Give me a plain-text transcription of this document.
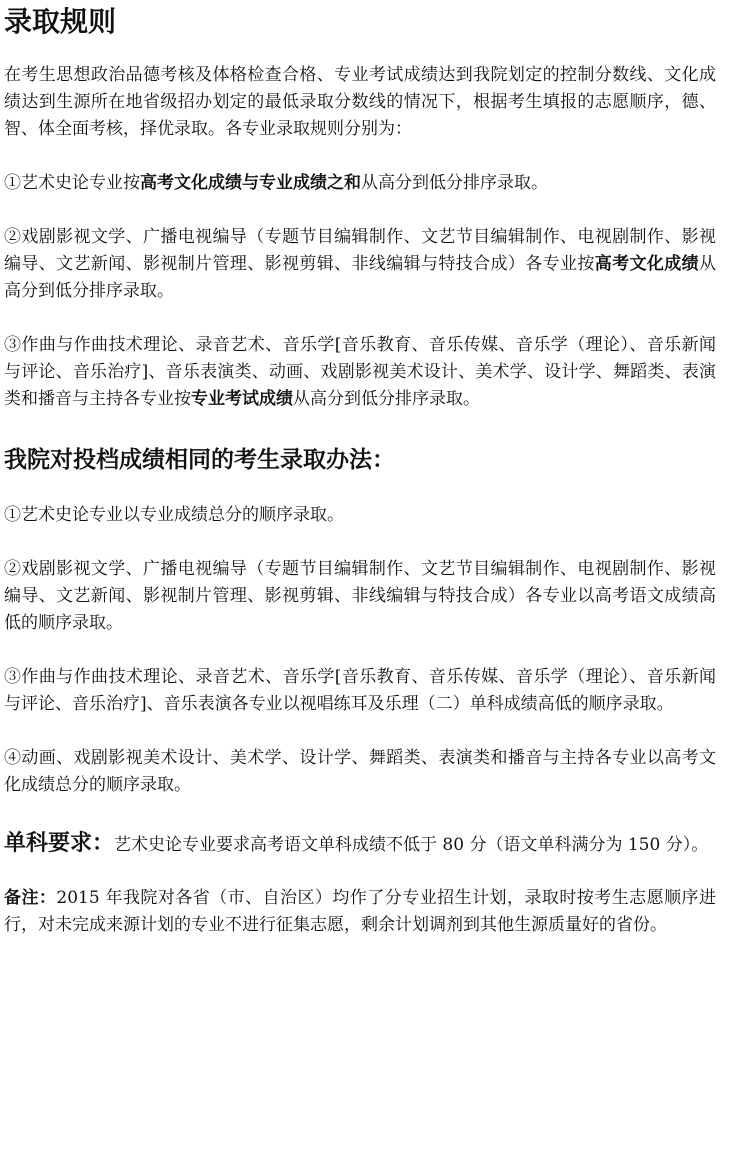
录取规则

在考生思想政治品德考核及体格检查合格、专业考试成绩达到我院划定的控制分数线、文化成绩达到生源所在地省级招办划定的最低录取分数线的情况下，根据考生填报的志愿顺序，德、智、体全面考核，择优录取。各专业录取规则分别为：

①艺术史论专业按高考文化成绩与专业成绩之和从高分到低分排序录取。

②戏剧影视文学、广播电视编导（专题节目编辑制作、文艺节目编辑制作、电视剧制作、影视编导、文艺新闻、影视制片管理、影视剪辑、非线编辑与特技合成）各专业按高考文化成绩从高分到低分排序录取。

③作曲与作曲技术理论、录音艺术、音乐学[音乐教育、音乐传媒、音乐学（理论）、音乐新闻与评论、音乐治疗]、音乐表演类、动画、戏剧影视美术设计、美术学、设计学、舞蹈类、表演类和播音与主持各专业按专业考试成绩从高分到低分排序录取。

我院对投档成绩相同的考生录取办法：

①艺术史论专业以专业成绩总分的顺序录取。

②戏剧影视文学、广播电视编导（专题节目编辑制作、文艺节目编辑制作、电视剧制作、影视编导、文艺新闻、影视制片管理、影视剪辑、非线编辑与特技合成）各专业以高考语文成绩高低的顺序录取。

③作曲与作曲技术理论、录音艺术、音乐学[音乐教育、音乐传媒、音乐学（理论）、音乐新闻与评论、音乐治疗]、音乐表演各专业以视唱练耳及乐理（二）单科成绩高低的顺序录取。

④动画、戏剧影视美术设计、美术学、设计学、舞蹈类、表演类和播音与主持各专业以高考文化成绩总分的顺序录取。

单科要求：艺术史论专业要求高考语文单科成绩不低于 80 分（语文单科满分为 150 分）。

备注：2015 年我院对各省（市、自治区）均作了分专业招生计划，录取时按考生志愿顺序进行，对未完成来源计划的专业不进行征集志愿，剩余计划调剂到其他生源质量好的省份。
